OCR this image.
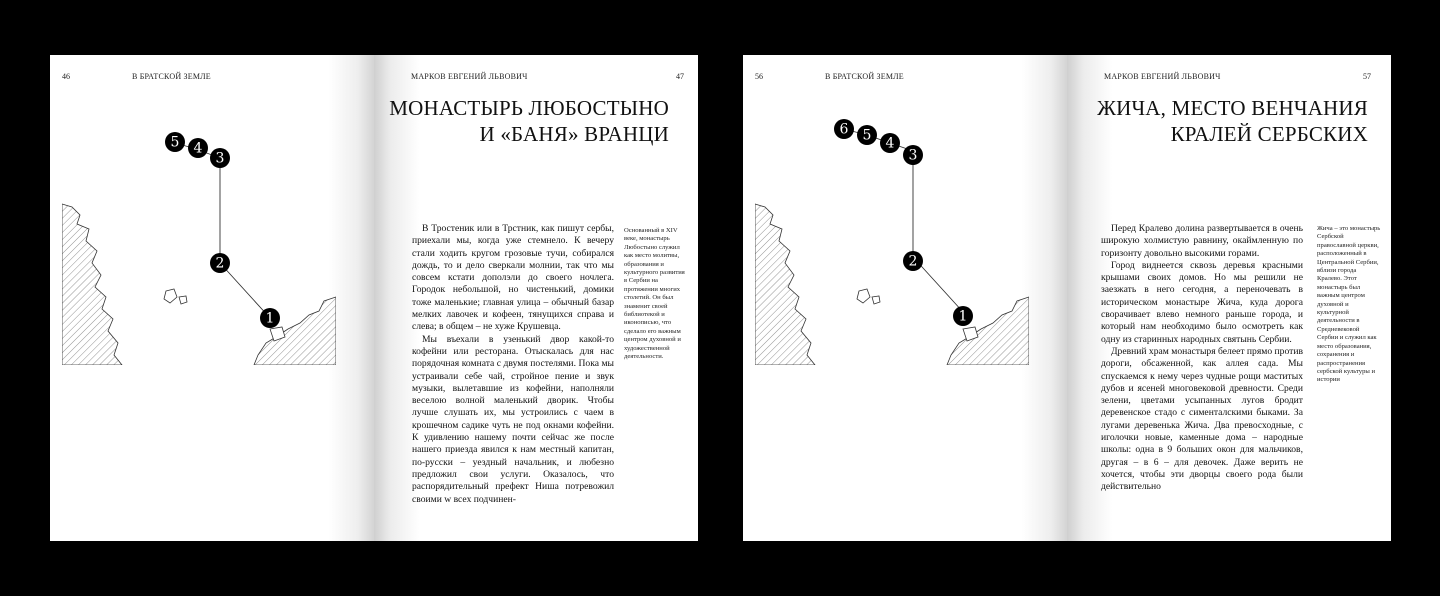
46	В БРАТСКОЙ ЗЕМЛЕ
5 4
3
2
1
МАРКОВ ЕВГЕНИЙ ЛЬВОВИЧ	47
МОНАСТЫРЬ ЛЮБОСТЫНО
И «БАНЯ» ВРАНЦИ

В Тростеник или в Трстник, как пишут сербы, приехали мы, когда уже стемнело. К вечеру стали ходить кругом грозовые тучи, собирался дождь, то и дело сверкали молнии, так что мы совсем кстати дополэли до своего ночлега. Городок небольшой, но чистенький, домики тоже маленькие; главная улица – обычный базар мелких лавочек и кофеен, тянущихся справа и слева; в общем – не хуже Крушевца.

Мы въехали в узенький двор какой-то кофейни или ресторана. Отыскалась для нас порядочная комната с двумя постелями. Пока мы устраивали себе чай, стройное пение и звук музыки, вылетавшие из кофейни, наполняли веселою волной маленький дворик. Чтобы лучше слушать их, мы устроились с чаем в крошечном садике чуть не под окнами кофейни. К удивлению нашему почти сейчас же после нашего приезда явился к нам местный капитан, по-русски – уездный начальник, и любезно предложил свои услуги. Оказалось, что распорядительный префект Ниша потревожил своими w всех подчинен-

Основанный в XIV веке, монастырь Любостыно служил как место молитвы, образования и культурного развития в Сербии на протяжении многих столетий. Он был знаменит своей библиотекой и иконописью, что сделало его важным центром духовной и художественной деятельности.

56	В БРАТСКОЙ ЗЕМЛЕ
6 5 4
3
2
1
МАРКОВ ЕВГЕНИЙ ЛЬВОВИЧ	57
ЖИЧА, МЕСТО ВЕНЧАНИЯ
КРАЛЕЙ СЕРБСКИХ

Перед Кралево долина развертывается в очень широкую холмистую равнину, окаймленную по горизонту довольно высокими горами.

Город виднеется сквозь деревья красными крышами своих домов. Но мы решили не заезжать в него сегодня, а переночевать в историческом монастыре Жича, куда дорога сворачивает влево немного раньше города, и который нам необходимо было осмотреть как одну из старинных народных святынь Сербии.

Древний храм монастыря белеет прямо против дороги, обсаженной, как аллея сада. Мы спускаемся к нему через чудные рощи маститых дубов и ясеней многовековой древности. Среди зелени, цветами усыпанных лугов бродит деревенское стадо с сименталскими быками. За лугами деревенька Жича. Два превосходные, с иголочки новые, каменные дома – народные школы: одна в 9 больших окон для мальчиков, другая – в 6 – для девочек. Даже верить не хочется, чтобы эти дворцы своего рода были действительно

Жича – это монастырь Сербской православной церкви, расположенный в Центральной Сербии, вблизи города Кралево. Этот монастырь был важным центром духовной и культурной деятельности в Средневековой Сербии и служил как место образования, сохранения и распространения сербской культуры и истории
